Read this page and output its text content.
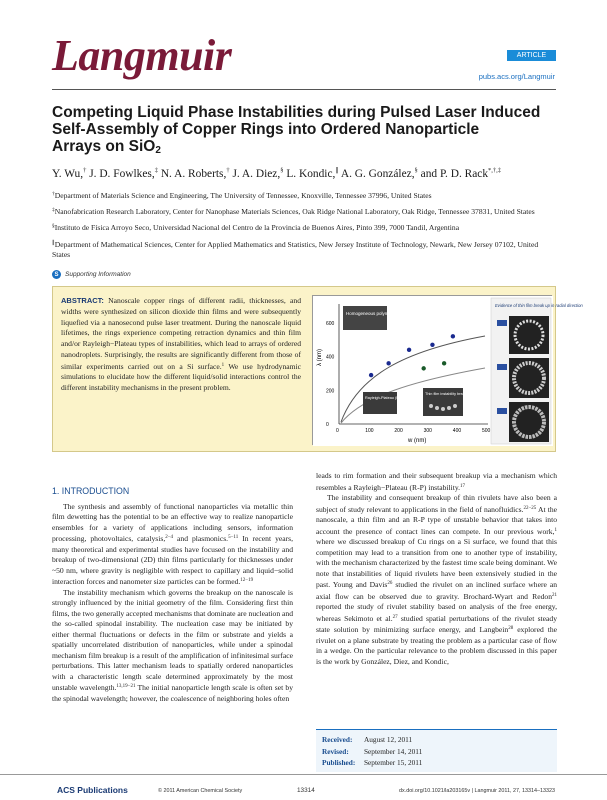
Langmuir	ARTICLE
pubs.acs.org/Langmuir
Competing Liquid Phase Instabilities during Pulsed Laser Induced
Self-Assembly of Copper Rings into Ordered Nanoparticle
Arrays on SiO$_2$
Y. Wu,† J. D. Fowlkes,‡ N. A. Roberts,† J. A. Diez,§ L. Kondic,∥ A. G. González,§ and P. D. Rack*,†,‡

†Department of Materials Science and Engineering, The University of Tennessee, Knoxville, Tennessee 37996, United States

‡Nanofabrication Research Laboratory, Center for Nanophase Materials Sciences, Oak Ridge National Laboratory, Oak Ridge, Tennessee 37831, United States

§Instituto de Física Arroyo Seco, Universidad Nacional del Centro de la Provincia de Buenos Aires, Pinto 399, 7000 Tandil, Argentina

∥Department of Mathematical Sciences, Center for Applied Mathematics and Statistics, New Jersey Institute of Technology, Newark, New Jersey 07102, United States

S	Supporting Information
ABSTRACT: Nanoscale copper rings of different radii, thicknesses, and widths were synthesized on silicon dioxide thin films and were subsequently liquefied via a nanosecond pulse laser treatment. During the nanoscale liquid lifetimes, the rings experience competing retraction dynamics and thin film and/or Rayleigh−Plateau types of instabilities, which lead to arrays of ordered nanodroplets. Surprisingly, the results are significantly different from those of similar experiments carried out on a Si surface.$^1$ We use hydrodynamic simulations to elucidate how the different liquid/solid interactions control the different instability mechanisms in the present problem.
λ (nm)
w (nm)
0
200
400
600
0	100	200	300	400	500
Homogeneous polymer ring
Rayleigh-Plateau (R-P) break up
Thin film instability break up
Evidence of thin film break up in radial direction

1. INTRODUCTION

The synthesis and assembly of functional nanoparticles via metallic thin film dewetting has the potential to be an effective way to realize nanoparticle ensembles for a variety of applications including sensors, information processing, photovoltaics, catalysis,$^{2-4}$ and plasmonics.$^{5-11}$ In recent years, many theoretical and experimental studies have focused on the instability and breakup of two-dimensional (2D) thin films particularly for thicknesses under ~50 nm, where gravity is negligible with respect to capillary and liquid−solid interaction forces and nanometer size particles can be formed.$^{12-19}$

The instability mechanism which governs the breakup on the nanoscale is strongly influenced by the initial geometry of the film. Considering first thin films, the two generally accepted mechanisms that dominate are nucleation and the so-called spinodal instability. The nucleation case may be initiated by either thermal fluctuations or defects in the film or substrate and yields a spatially uncorrelated distribution of nanoparticles, while under a spinodal mechanism film breakup is a result of the amplification of infinitesimal surface perturbations. This latter mechanism leads to spatially ordered nanoparticles with a characteristic length scale determined approximately by the most unstable wavelength.$^{13,19-21}$ The initial nanoparticle length scale is often set by the spinodal wavelength; however, the coalescence of neighboring holes often

leads to rim formation and their subsequent breakup via a mechanism which resembles a Rayleigh−Plateau (R-P) instability.$^{17}$

The instability and consequent breakup of thin rivulets have also been a subject of study relevant to applications in the field of nanofluidics.$^{22-25}$ At the nanoscale, a thin film and an R-P type of unstable behavior that takes into account the presence of contact lines can compete. In our previous work,$^1$ where we discussed breakup of Cu rings on a Si surface, we found that this competition may lead to a transition from one to another type of instability, with the mechanism characterized by the fastest time scale being dominant. We note that instabilities of liquid rivulets have been extensively studied in the past. Young and Davis$^{26}$ studied the rivulet on an inclined surface where an axial flow can be observed due to gravity. Brochard-Wyart and Redon$^{21}$ reported the study of rivulet stability based on analysis of the free energy, whereas Sekimoto et al.$^{27}$ studied spatial perturbations of the rivulet steady state solution by minimizing surface energy, and Langbein$^{28}$ explored the rivulet on a plane substrate by treating the problem as a particular case of flow in a wedge. On the particular relevance to the problem discussed in this paper is the work by González, Diez, and Kondic,

Received: August 12, 2011
Revised: September 14, 2011
Published: September 15, 2011
ACS Publications	© 2011 American Chemical Society	13314	dx.doi.org/10.1021/la203165v | Langmuir 2011, 27, 13314–13323
